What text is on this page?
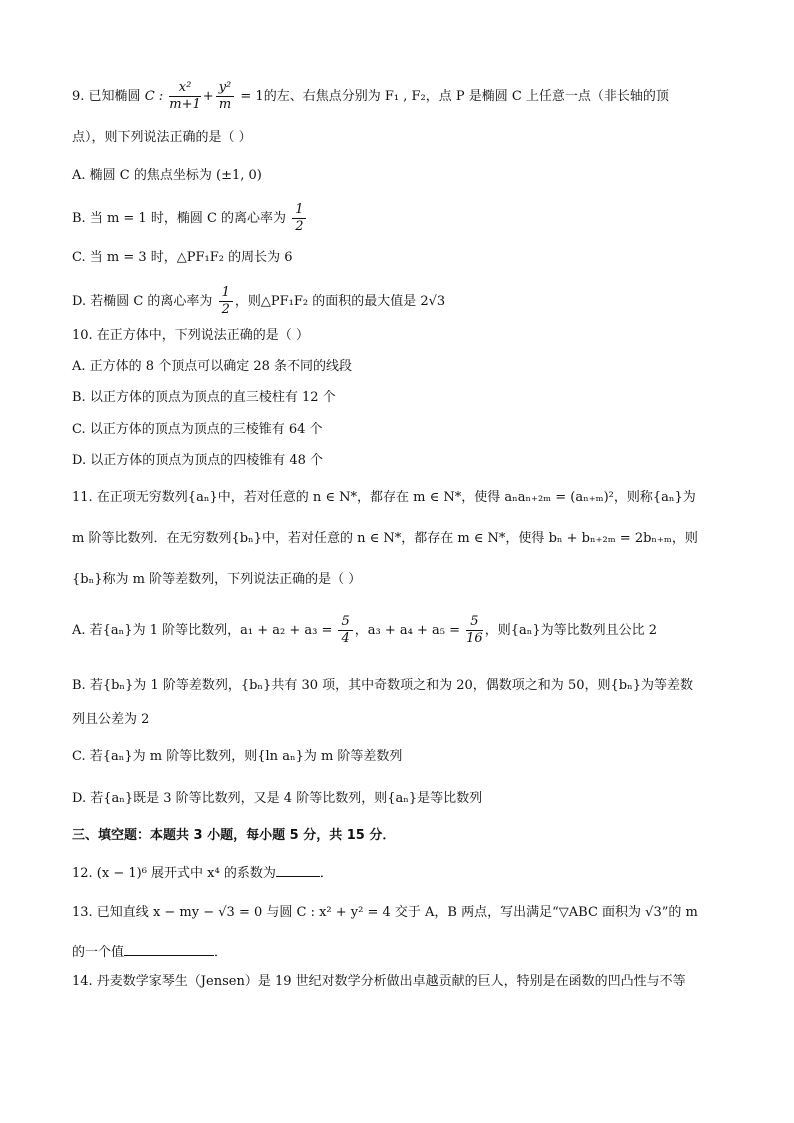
9. 已知椭圆 C : $\frac{\text{x²}}{m+1} + \frac{\text{y²}}{m} = 1$的左、右焦点分别为 F₁ , F₂，点 P 是椭圆 C 上任意一点（非长轴的顶
点），则下列说法正确的是（ ）
A. 椭圆 C 的焦点坐标为 (±1, 0)
B. 当 m = 1 时，椭圆 C 的离心率为 $\frac{1}{2}$
C. 当 m = 3 时，△PF₁F₂ 的周长为 6
D. 若椭圆 C 的离心率为 $\frac{1}{2}$ ，则△PF₁F₂ 的面积的最大值是 2√3
10. 在正方体中，下列说法正确的是（ ）
A. 正方体的 8 个顶点可以确定 28 条不同的线段
B. 以正方体的顶点为顶点的直三棱柱有 12 个
C. 以正方体的顶点为顶点的三棱锥有 64 个
D. 以正方体的顶点为顶点的四棱锥有 48 个
11. 在正项无穷数列{aₙ}中，若对任意的 n ∈ N*，都存在 m ∈ N*，使得 aₙaₙ₊₂ₘ = (aₙ₊ₘ)²，则称{aₙ}为
m 阶等比数列．在无穷数列{bₙ}中，若对任意的 n ∈ N*，都存在 m ∈ N*，使得 bₙ + bₙ₊₂ₘ = 2bₙ₊ₘ，则
{bₙ}称为 m 阶等差数列，下列说法正确的是（ ）
A. 若{aₙ}为 1 阶等比数列，$a_1 + a_2 + a_3 = \frac{5}{4}$ ，$a_3 + a_4 + a_5 = \frac{5}{16}$ ，则{aₙ}为等比数列且公比 2
B. 若{bₙ}为 1 阶等差数列，{bₙ}共有 30 项，其中奇数项之和为 20，偶数项之和为 50，则{bₙ}为等差数
列且公差为 2
C. 若{aₙ}为 m 阶等比数列，则{ln aₙ}为 m 阶等差数列
D. 若{aₙ}既是 3 阶等比数列，又是 4 阶等比数列，则{aₙ}是等比数列
三、填空题：本题共 3 小题，每小题 5 分，共 15 分．
12. (x − 1)⁶ 展开式中 x⁴ 的系数为	．
13. 已知直线 x − my − √3 = 0 与圆 C : x² + y² = 4 交于 A，B 两点，写出满足“▽ABC 面积为 √3”的 m
的一个值	．
14. 丹麦数学家琴生（Jensen）是 19 世纪对数学分析做出卓越贡献的巨人，特别是在函数的凹凸性与不等
